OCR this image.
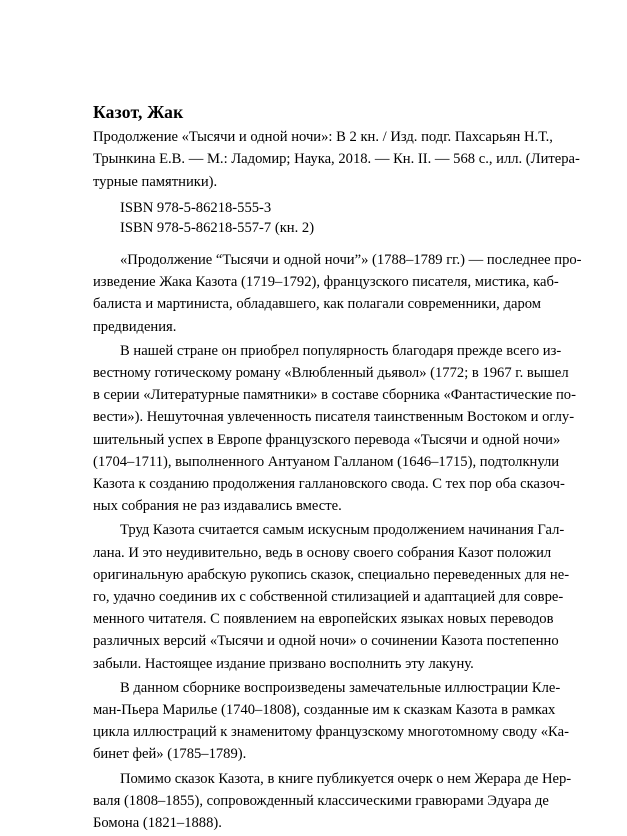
Казот, Жак
Продолжение «Тысячи и одной ночи»: В 2 кн. / Изд. подг. Пахсарьян Н.Т.,
Трынкина Е.В. — М.: Ладомир; Наука, 2018. — Кн. II. — 568 с., илл. (Литера-
турные памятники).
ISBN 978-5-86218-555-3
ISBN 978-5-86218-557-7 (кн. 2)
«Продолжение “Тысячи и одной ночи”» (1788–1789 гг.) — последнее про-
изведение Жака Казота (1719–1792), французского писателя, мистика, каб-
балиста и мартиниста, обладавшего, как полагали современники, даром
предвидения.
В нашей стране он приобрел популярность благодаря прежде всего из-
вестному готическому роману «Влюбленный дьявол» (1772; в 1967 г. вышел
в серии «Литературные памятники» в составе сборника «Фантастические по-
вести»). Нешуточная увлеченность писателя таинственным Востоком и оглу-
шительный успех в Европе французского перевода «Тысячи и одной ночи»
(1704–1711), выполненного Антуаном Галланом (1646–1715), подтолкнули
Казота к созданию продолжения галлановского свода. С тех пор оба сказоч-
ных собрания не раз издавались вместе.
Труд Казота считается самым искусным продолжением начинания Гал-
лана. И это неудивительно, ведь в основу своего собрания Казот положил
оригинальную арабскую рукопись сказок, специально переведенных для не-
го, удачно соединив их с собственной стилизацией и адаптацией для совре-
менного читателя. С появлением на европейских языках новых переводов
различных версий «Тысячи и одной ночи» о сочинении Казота постепенно
забыли. Настоящее издание призвано восполнить эту лакуну.
В данном сборнике воспроизведены замечательные иллюстрации Кле-
ман-Пьера Марилье (1740–1808), созданные им к сказкам Казота в рамках
цикла иллюстраций к знаменитому французскому многотомному своду «Ка-
бинет фей» (1785–1789).
Помимо сказок Казота, в книге публикуется очерк о нем Жерара де Нер-
валя (1808–1855), сопровожденный классическими гравюрами Эдуара де
Бомона (1821–1888).
